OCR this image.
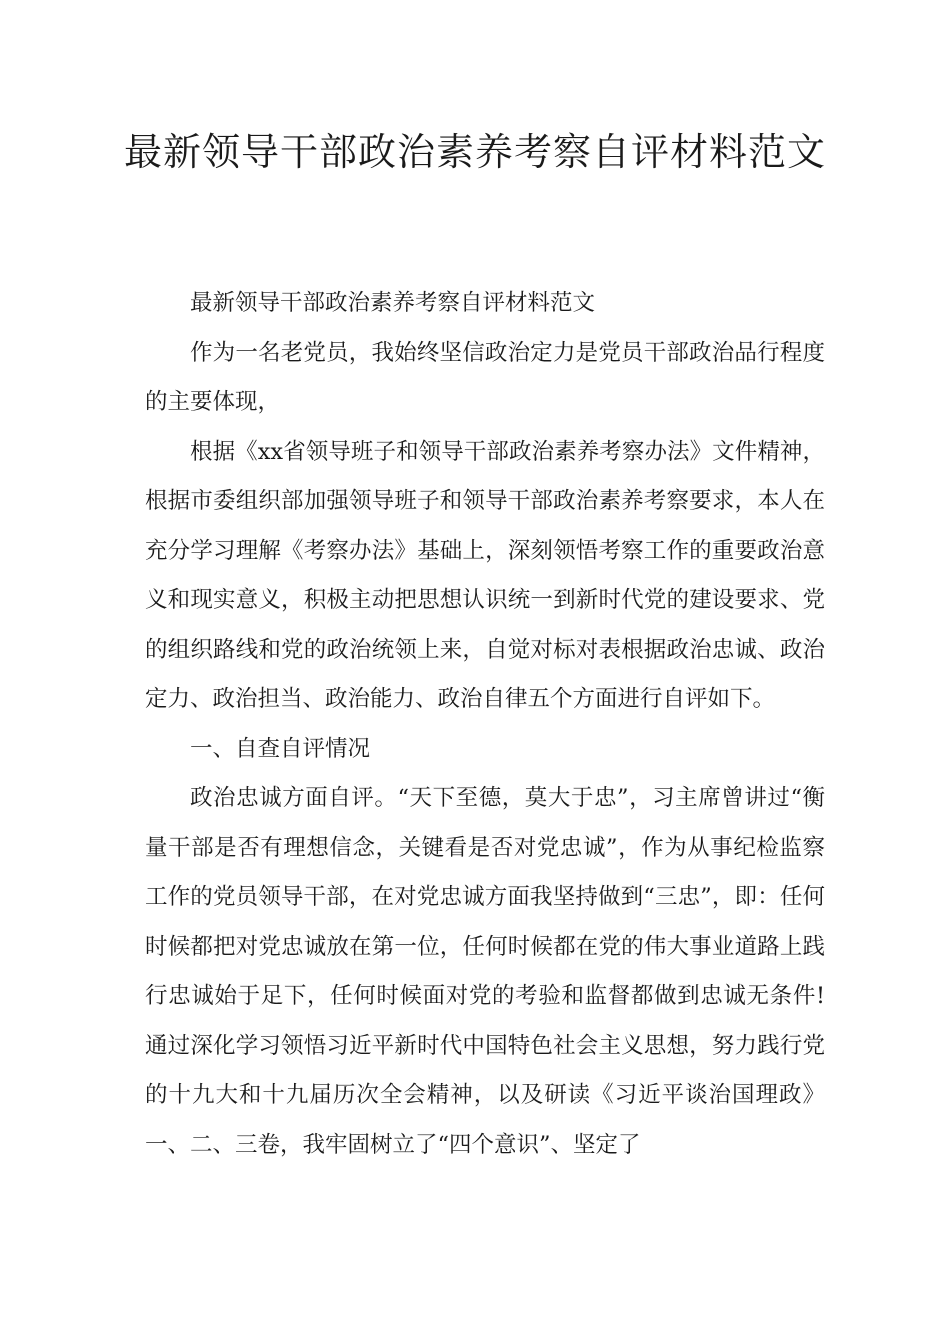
最新领导干部政治素养考察自评材料范文

最新领导干部政治素养考察自评材料范文

作为一名老党员，我始终坚信政治定力是党员干部政治品行程度的主要体现，

根据《xx省领导班子和领导干部政治素养考察办法》文件精神，根据市委组织部加强领导班子和领导干部政治素养考察要求，本人在充分学习理解《考察办法》基础上，深刻领悟考察工作的重要政治意义和现实意义，积极主动把思想认识统一到新时代党的建设要求、党的组织路线和党的政治统领上来，自觉对标对表根据政治忠诚、政治定力、政治担当、政治能力、政治自律五个方面进行自评如下。

一、自查自评情况

政治忠诚方面自评。“天下至德，莫大于忠”，习主席曾讲过“衡量干部是否有理想信念，关键看是否对党忠诚”，作为从事纪检监察工作的党员领导干部，在对党忠诚方面我坚持做到“三忠”，即：任何时候都把对党忠诚放在第一位，任何时候都在党的伟大事业道路上践行忠诚始于足下，任何时候面对党的考验和监督都做到忠诚无条件!通过深化学习领悟习近平新时代中国特色社会主义思想，努力践行党的十九大和十九届历次全会精神，以及研读《习近平谈治国理政》一、二、三卷，我牢固树立了“四个意识”、坚定了
